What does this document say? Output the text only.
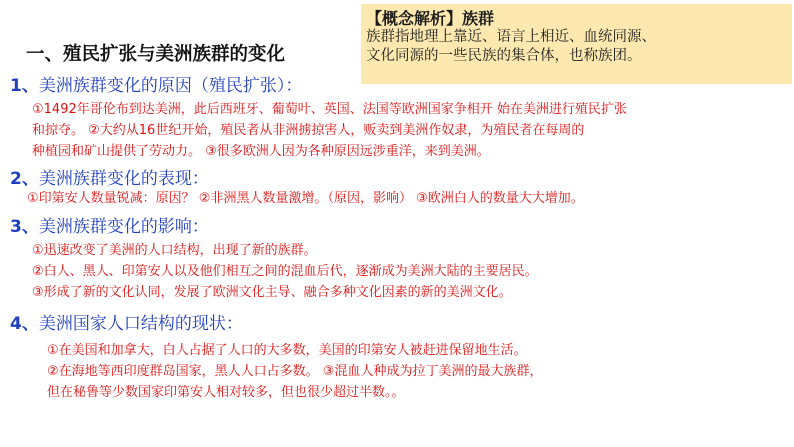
【概念解析】族群
族群指地理上靠近、语言上相近、血统同源、
文化同源的一些民族的集合体，也称族团。
一、殖民扩张与美洲族群的变化
1、美洲族群变化的原因（殖民扩张）：
①1492年哥伦布到达美洲，此后西班牙、葡萄叶、英国、法国等欧洲国家争相开 始在美洲进行殖民扩张
和掠夺。 ②大约从16世纪开始，殖民者从非洲掳掠害人，贩卖到美洲作奴隶，为殖民者在每周的
种植园和矿山提供了劳动力。 ③很多欧洲人因为各种原因远涉重洋，来到美洲。
2、美洲族群变化的表现：
①印第安人数量锐减：原因？ ②非洲黑人数量激增。（原因，影响） ③欧洲白人的数量大大增加。
3、美洲族群变化的影响：
①迅速改变了美洲的人口结构，出现了新的族群。
②白人、黑人、印第安人以及他们相互之间的混血后代，逐渐成为美洲大陆的主要居民。
③形成了新的文化认同，发展了欧洲文化主导、融合多种文化因素的新的美洲文化。
4、美洲国家人口结构的现状：
①在美国和加拿大，白人占据了人口的大多数，美国的印第安人被赶进保留地生活。
②在海地等西印度群岛国家，黑人人口占多数。 ③混血人种成为拉丁美洲的最大族群，
但在秘鲁等少数国家印第安人相对较多，但也很少超过半数。。
